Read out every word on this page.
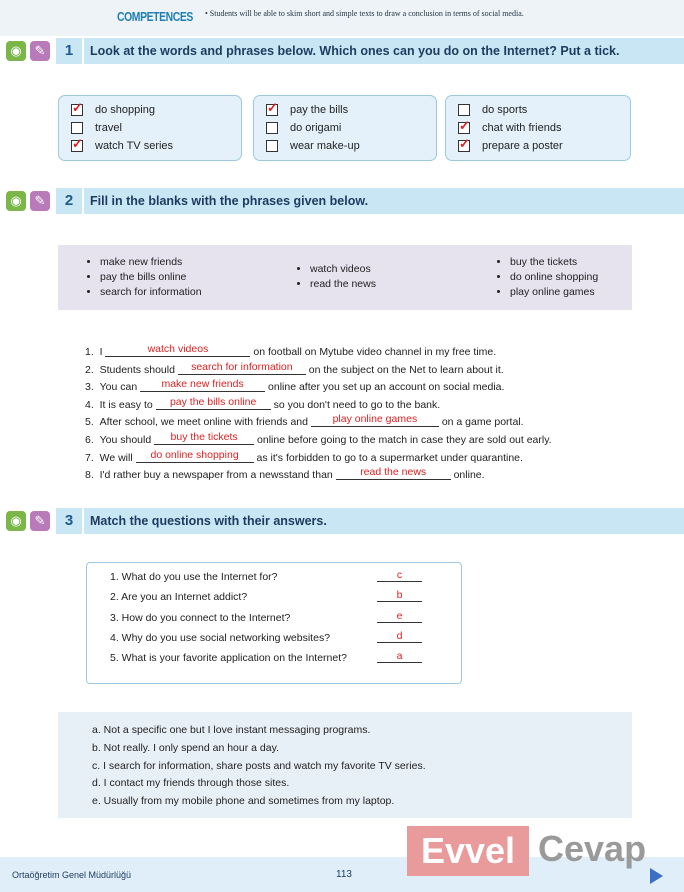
COMPETENCES • Students will be able to skim short and simple texts to draw a conclusion in terms of social media.
• make new friends
• pay the bills online
• search for information
• watch videos
• read the news
• buy the tickets
• do online shopping
• play online games
Ortaöğretim Genel Müdürlüğü	113
Evvel Cevap
◉ ✎	1	Look at the words and phrases below. Which ones can you do on the Internet? Put a tick.
◉ ✎	2	Fill in the blanks with the phrases given below.
◉ ✎	3	Match the questions with their answers.
✓ do shopping
travel
✓ watch TV series
✓ pay the bills
do origami
wear make-up
do sports
✓ chat with friends
✓ prepare a poster
1. I	watch videos	on football on Mytube video channel in my free time.
2. Students should search for information on the subject on the Net to learn about it.
3. You can make new friends online after you set up an account on social media.
4. It is easy to pay the bills online so you don't need to go to the bank.
5. After school, we meet online with friends and play online games on a game portal.
6. You should buy the tickets online before going to the match in case they are sold out early.
7. We will do online shopping as it's forbidden to go to a supermarket under quarantine.
8. I'd rather buy a newspaper from a newsstand than	read the news	online.
1. What do you use the Internet for?	c
2. Are you an Internet addict?	b
3. How do you connect to the Internet?	e
4. Why do you use social networking websites?	d
5. What is your favorite application on the Internet?	a
a. Not a specific one but I love instant messaging programs.
b. Not really. I only spend an hour a day.
c. I search for information, share posts and watch my favorite TV series.
d. I contact my friends through those sites.
e. Usually from my mobile phone and sometimes from my laptop.
